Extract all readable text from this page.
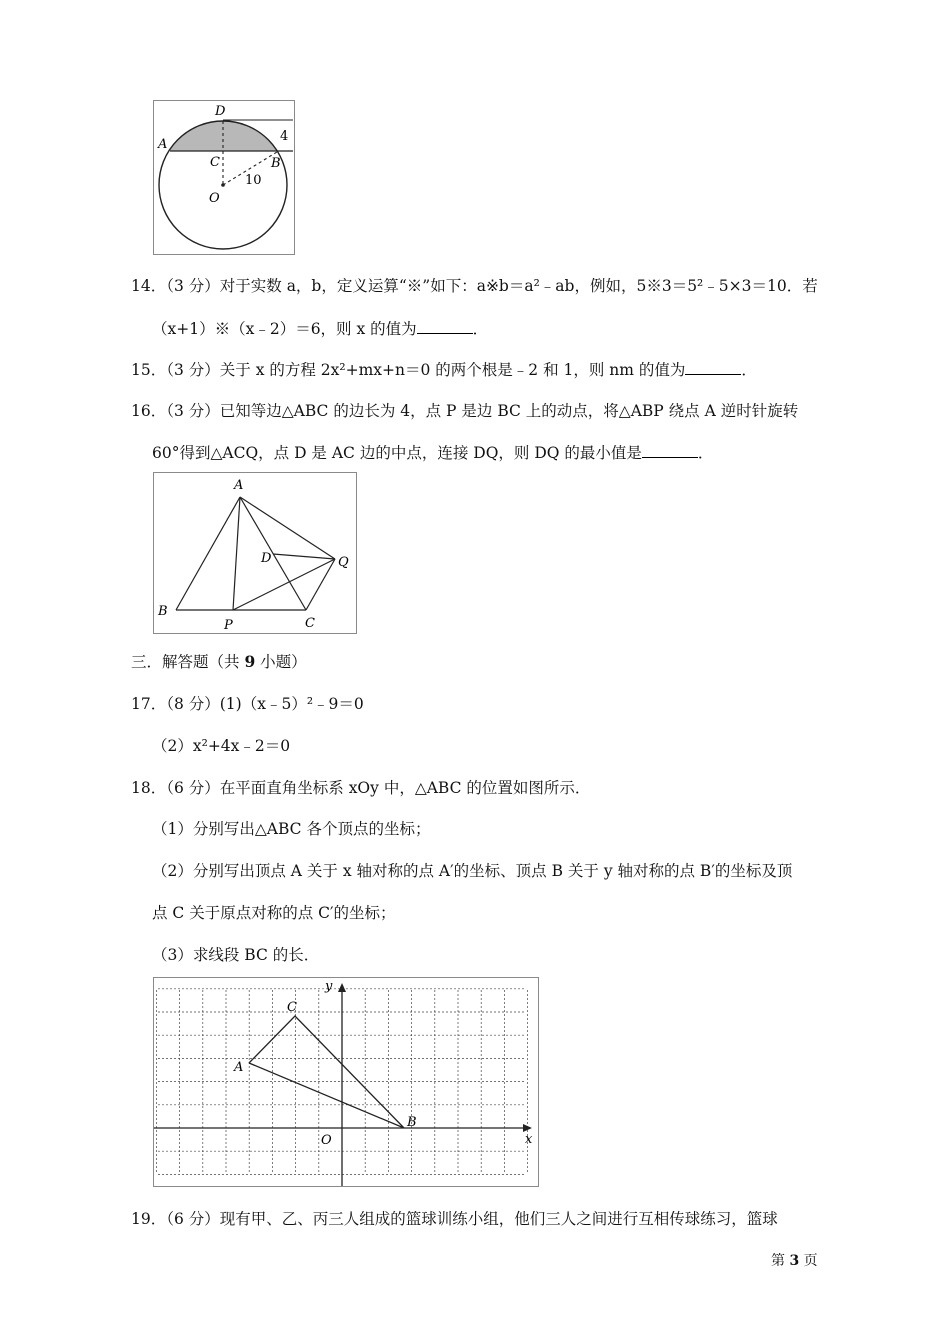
D
A
C	B
O
4
10
14．（3 分）对于实数 a，b，定义运算“※”如下：a※b＝a²﹣ab，例如，5※3＝5²﹣5×3＝10．若
（x+1）※（x﹣2）＝6，则 x 的值为	．
15．（3 分）关于 x 的方程 2x²+mx+n＝0 的两个根是﹣2 和 1，则 nm 的值为	．
16．（3 分）已知等边△ABC 的边长为 4，点 P 是边 BC 上的动点，将△ABP 绕点 A 逆时针旋转
60°得到△ACQ，点 D 是 AC 边的中点，连接 DQ，则 DQ 的最小值是	．
A
B
P	C
D	Q
三．解答题（共 9 小题）
17．（8 分）(1)（x﹣5）²﹣9＝0
（2）x²+4x﹣2＝0
18．（6 分）在平面直角坐标系 xOy 中，△ABC 的位置如图所示．
（1）分别写出△ABC 各个顶点的坐标；
（2）分别写出顶点 A 关于 x 轴对称的点 A′的坐标、顶点 B 关于 y 轴对称的点 B′的坐标及顶
点 C 关于原点对称的点 C′的坐标；
（3）求线段 BC 的长．
y
x
O
A
B
C
19．（6 分）现有甲、乙、丙三人组成的篮球训练小组，他们三人之间进行互相传球练习，篮球
第 3 页
